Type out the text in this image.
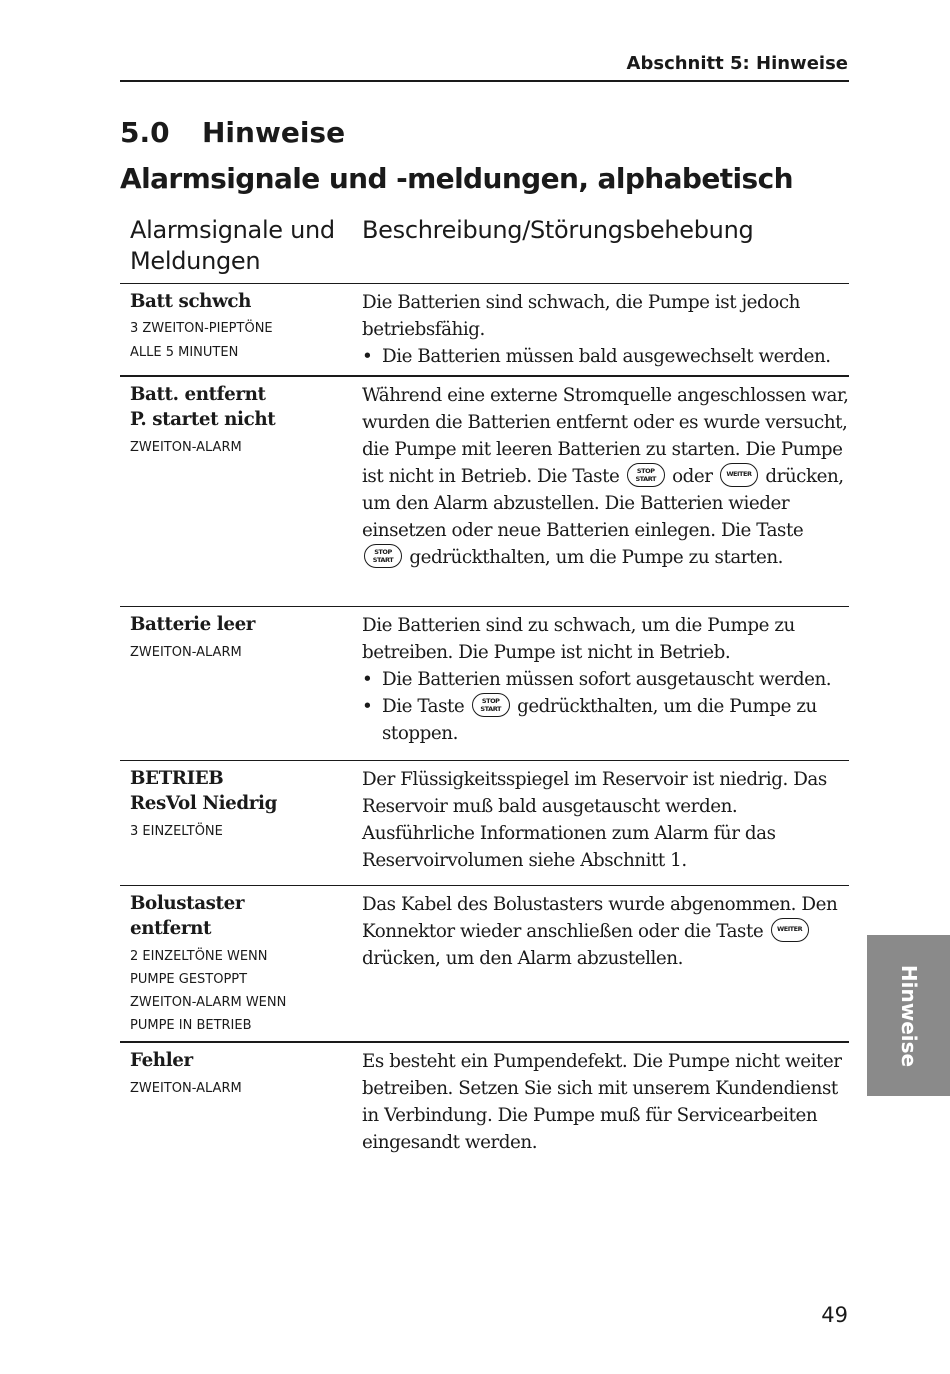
Abschnitt 5: Hinweise
5.0 Hinweise
Alarmsignale und -meldungen, alphabetisch
Alarmsignale und Meldungen
Beschreibung/Störungsbehebung
Batt schwch
3 ZWEITON-PIEPTÖNE
ALLE 5 MINUTEN
Die Batterien sind schwach, die Pumpe ist jedoch betriebsfähig.
• Die Batterien müssen bald ausgewechselt werden.
Batt. entfernt
P. startet nicht
ZWEITON-ALARM
Während eine externe Stromquelle angeschlossen war, wurden die Batterien entfernt oder es wurde versucht, die Pumpe mit leeren Batterien zu starten. Die Pumpe ist nicht in Betrieb. Die Taste	STOP
START oder WEITER drücken, um den Alarm abzustellen. Die Batterien wieder einsetzen oder neue Batterien einlegen. Die Taste STOP
START gedrückthalten, um die Pumpe zu starten.
Batterie leer
ZWEITON-ALARM
Die Batterien sind zu schwach, um die Pumpe zu betreiben. Die Pumpe ist nicht in Betrieb.
• Die Batterien müssen sofort ausgetauscht werden.
• Die Taste	STOP
START gedrückthalten, um die Pumpe zu stoppen.
BETRIEB
ResVol Niedrig
3 EINZELTÖNE
Der Flüssigkeitsspiegel im Reservoir ist niedrig. Das Reservoir muß bald ausgetauscht werden. Ausführliche Informationen zum Alarm für das Reservoirvolumen siehe Abschnitt 1.
Bolustaster
entfernt
2 EINZELTÖNE WENN
PUMPE GESTOPPT
ZWEITON-ALARM WENN
PUMPE IN BETRIEB
Das Kabel des Bolustasters wurde abgenommen. Den Konnektor wieder anschließen oder die Taste WEITER drücken, um den Alarm abzustellen.
Fehler
ZWEITON-ALARM
Es besteht ein Pumpendefekt. Die Pumpe nicht weiter betreiben. Setzen Sie sich mit unserem Kundendienst in Verbindung. Die Pumpe muß für Servicearbeiten eingesandt werden.
Hinweise
49
